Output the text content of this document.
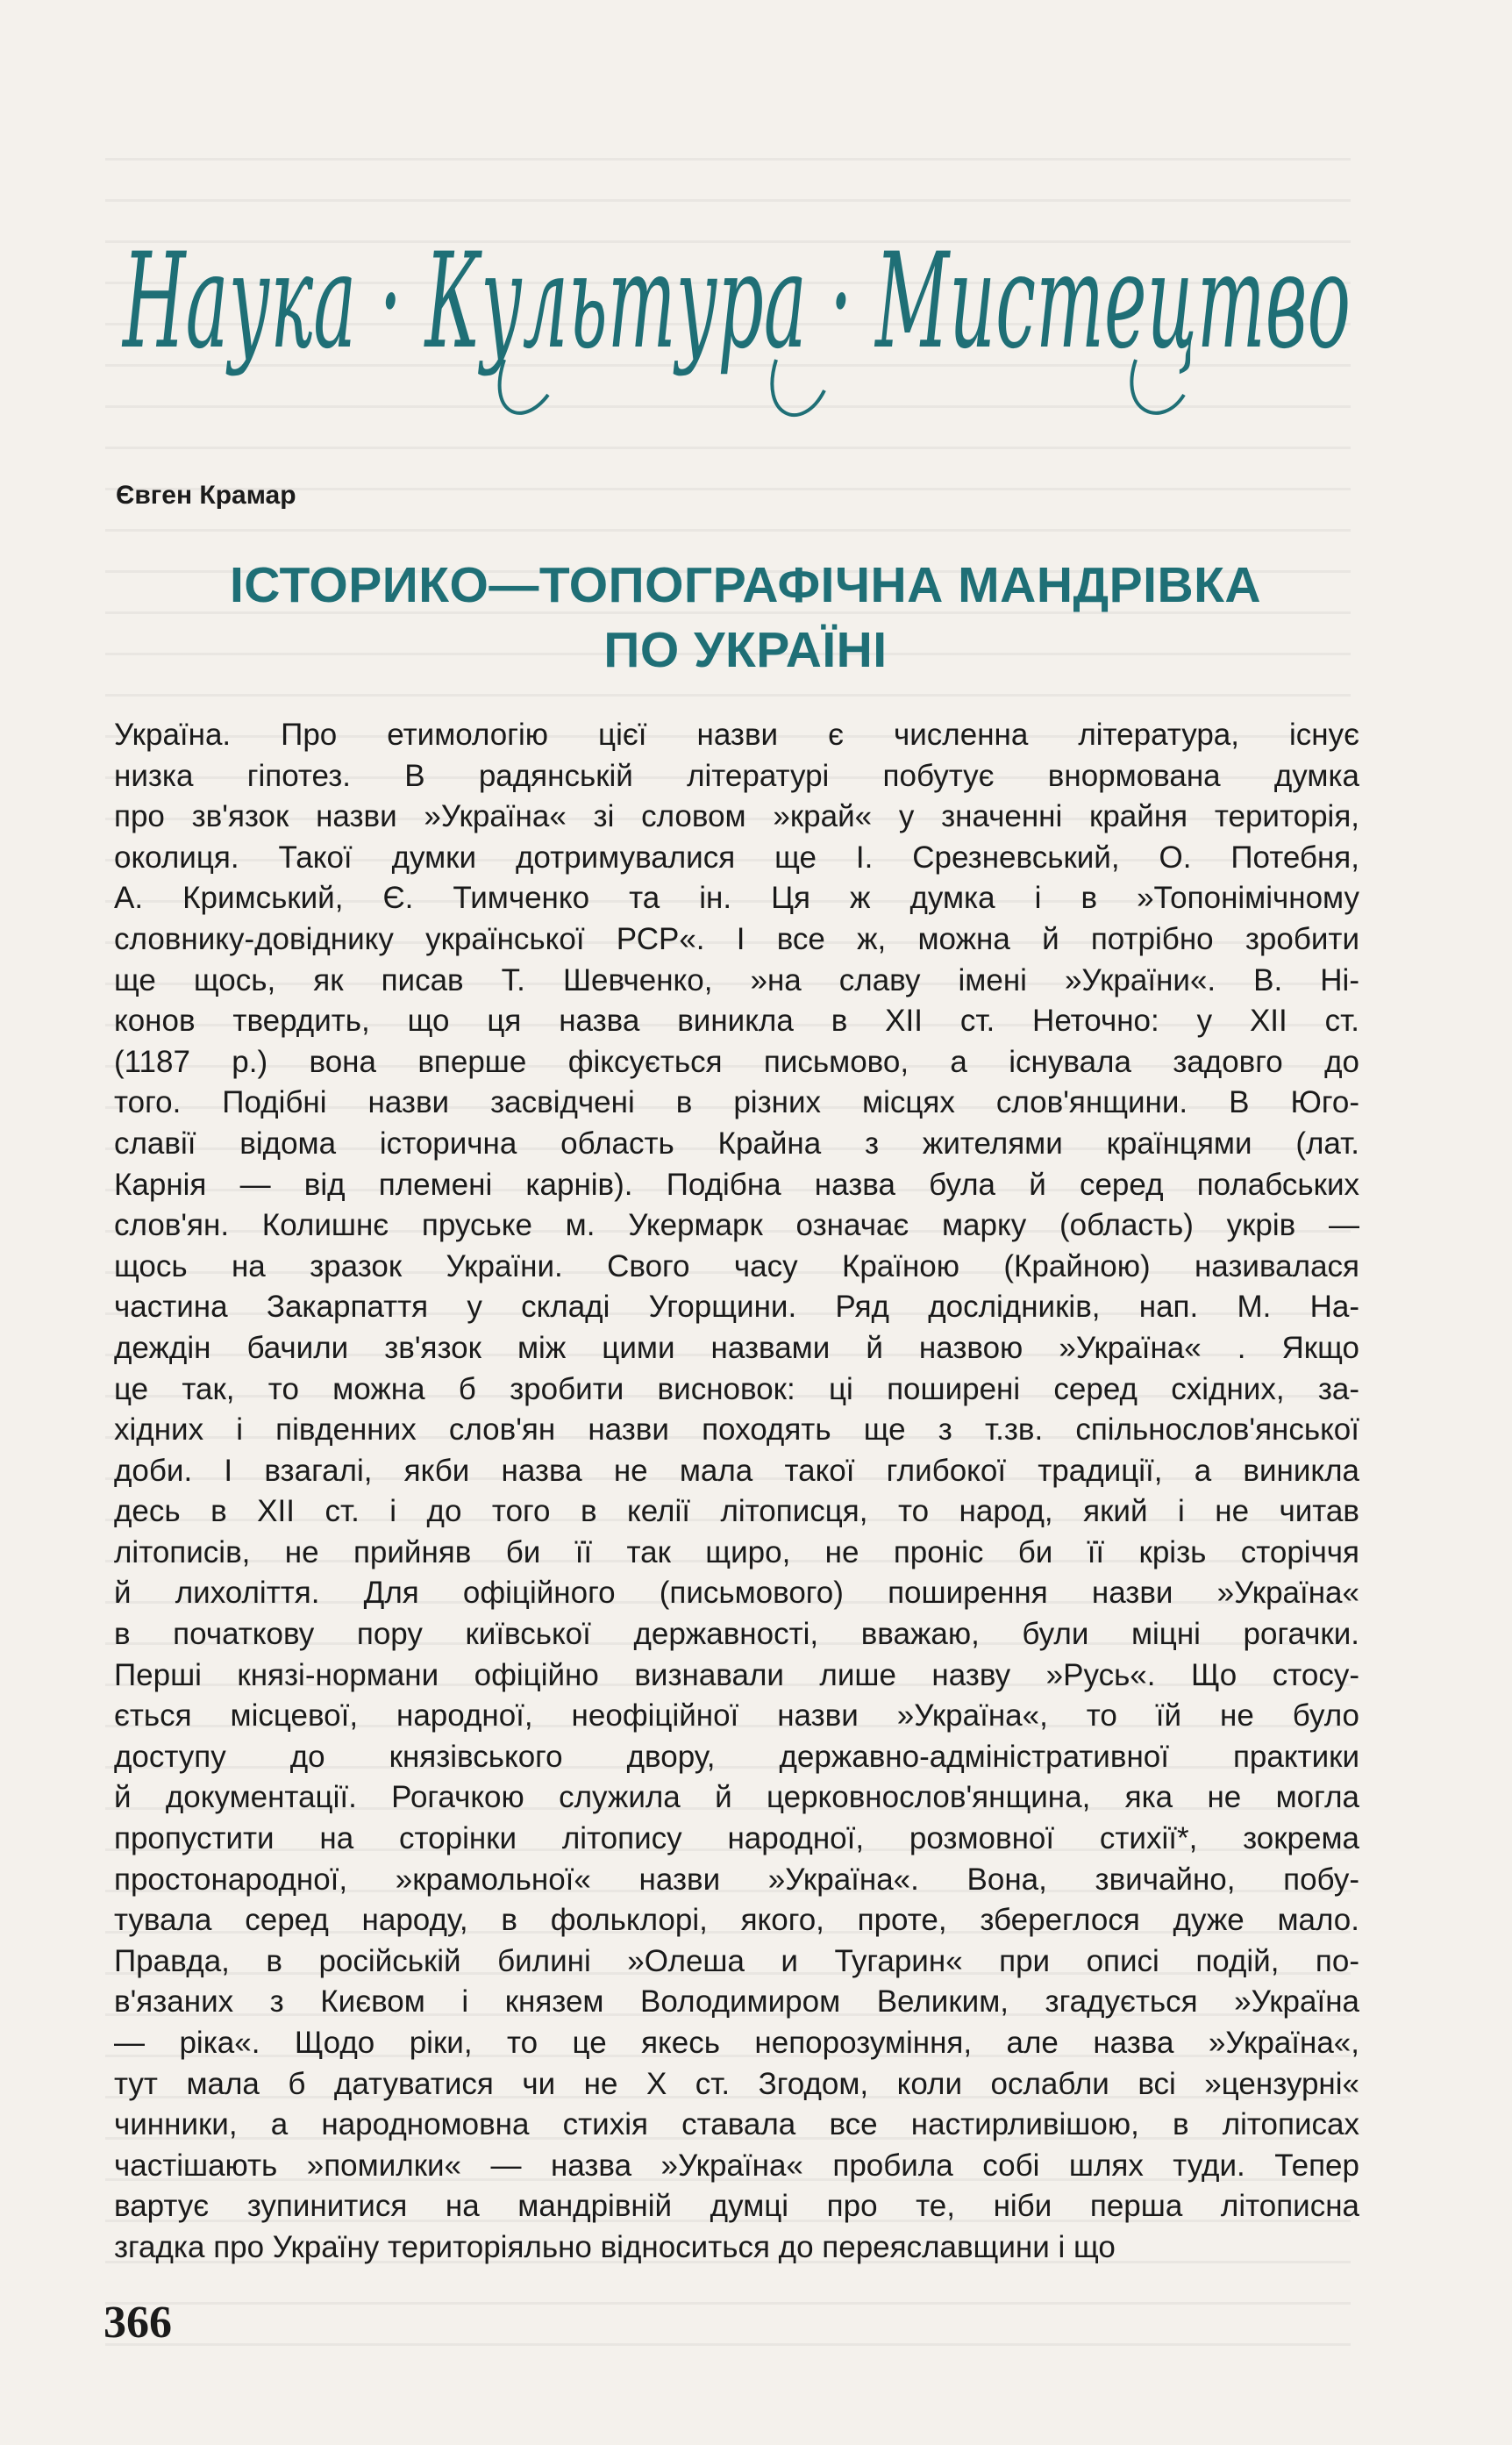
Наука · Культура · Мистецтво
Євген Крамар
ІСТОРИКО—ТОПОГРАФІЧНА МАНДРІВКА
ПО УКРАЇНІ
Україна. Про етимологію цієї назви є численна література, існує
низка гіпотез. В радянській літературі побутує внормована думка
про зв'язок назви »Україна« зі словом »край« у значенні крайня територія,
околиця. Такої думки дотримувалися ще І. Срезневський, О. Потебня,
А. Кримський, Є. Тимченко та ін. Ця ж думка і в »Топонімічному
словнику-довіднику української РСР«. І все ж, можна й потрібно зробити
ще щось, як писав Т. Шевченко, »на славу імені »України«. В. Ні-
конов твердить, що ця назва виникла в XII ст. Неточно: у XII ст.
(1187 р.) вона вперше фіксується письмово, а існувала задовго до
того. Подібні назви засвідчені в різних місцях слов'янщини. В Юго-
славії відома історична область Крайна з жителями країнцями (лат.
Карнія — від племені карнів). Подібна назва була й серед полабських
слов'ян. Колишнє пруське м. Укермарк означає марку (область) укрів —
щось на зразок України. Свого часу Країною (Крайною) називалася
частина Закарпаття у складі Угорщини. Ряд дослідників, нап. М. На-
деждін бачили зв'язок між цими назвами й назвою »Україна« . Якщо
це так, то можна б зробити висновок: ці поширені серед східних, за-
хідних і південних слов'ян назви походять ще з т.зв. спільнослов'янської
доби. І взагалі, якби назва не мала такої глибокої традиції, а виникла
десь в XII ст. і до того в келії літописця, то народ, який і не читав
літописів, не прийняв би її так щиро, не проніс би її крізь сторіччя
й лихоліття. Для офіційного (письмового) поширення назви »Україна«
в початкову пору київської державності, вважаю, були міцні рогачки.
Перші князі-нормани офіційно визнавали лише назву »Русь«. Що стосу-
ється місцевої, народної, неофіційної назви »Україна«, то їй не було
доступу до князівського двору, державно-адміністративної практики
й документації. Рогачкою служила й церковнослов'янщина, яка не могла
пропустити на сторінки літопису народної, розмовної стихії*, зокрема
простонародної, »крамольної« назви »Україна«. Вона, звичайно, побу-
тувала серед народу, в фольклорі, якого, проте, збереглося дуже мало.
Правда, в російській билині »Олеша и Тугарин« при описі подій, по-
в'язаних з Києвом і князем Володимиром Великим, згадується »Україна
— ріка«. Щодо ріки, то це якесь непорозуміння, але назва »Україна«,
тут мала б датуватися чи не X ст. Згодом, коли ослабли всі »цензурні«
чинники, а народномовна стихія ставала все настирливішою, в літописах
частішають »помилки« — назва »Україна« пробила собі шлях туди. Тепер
вартує зупинитися на мандрівній думці про те, ніби перша літописна
згадка про Україну територіяльно відноситься до переяславщини і що
366
